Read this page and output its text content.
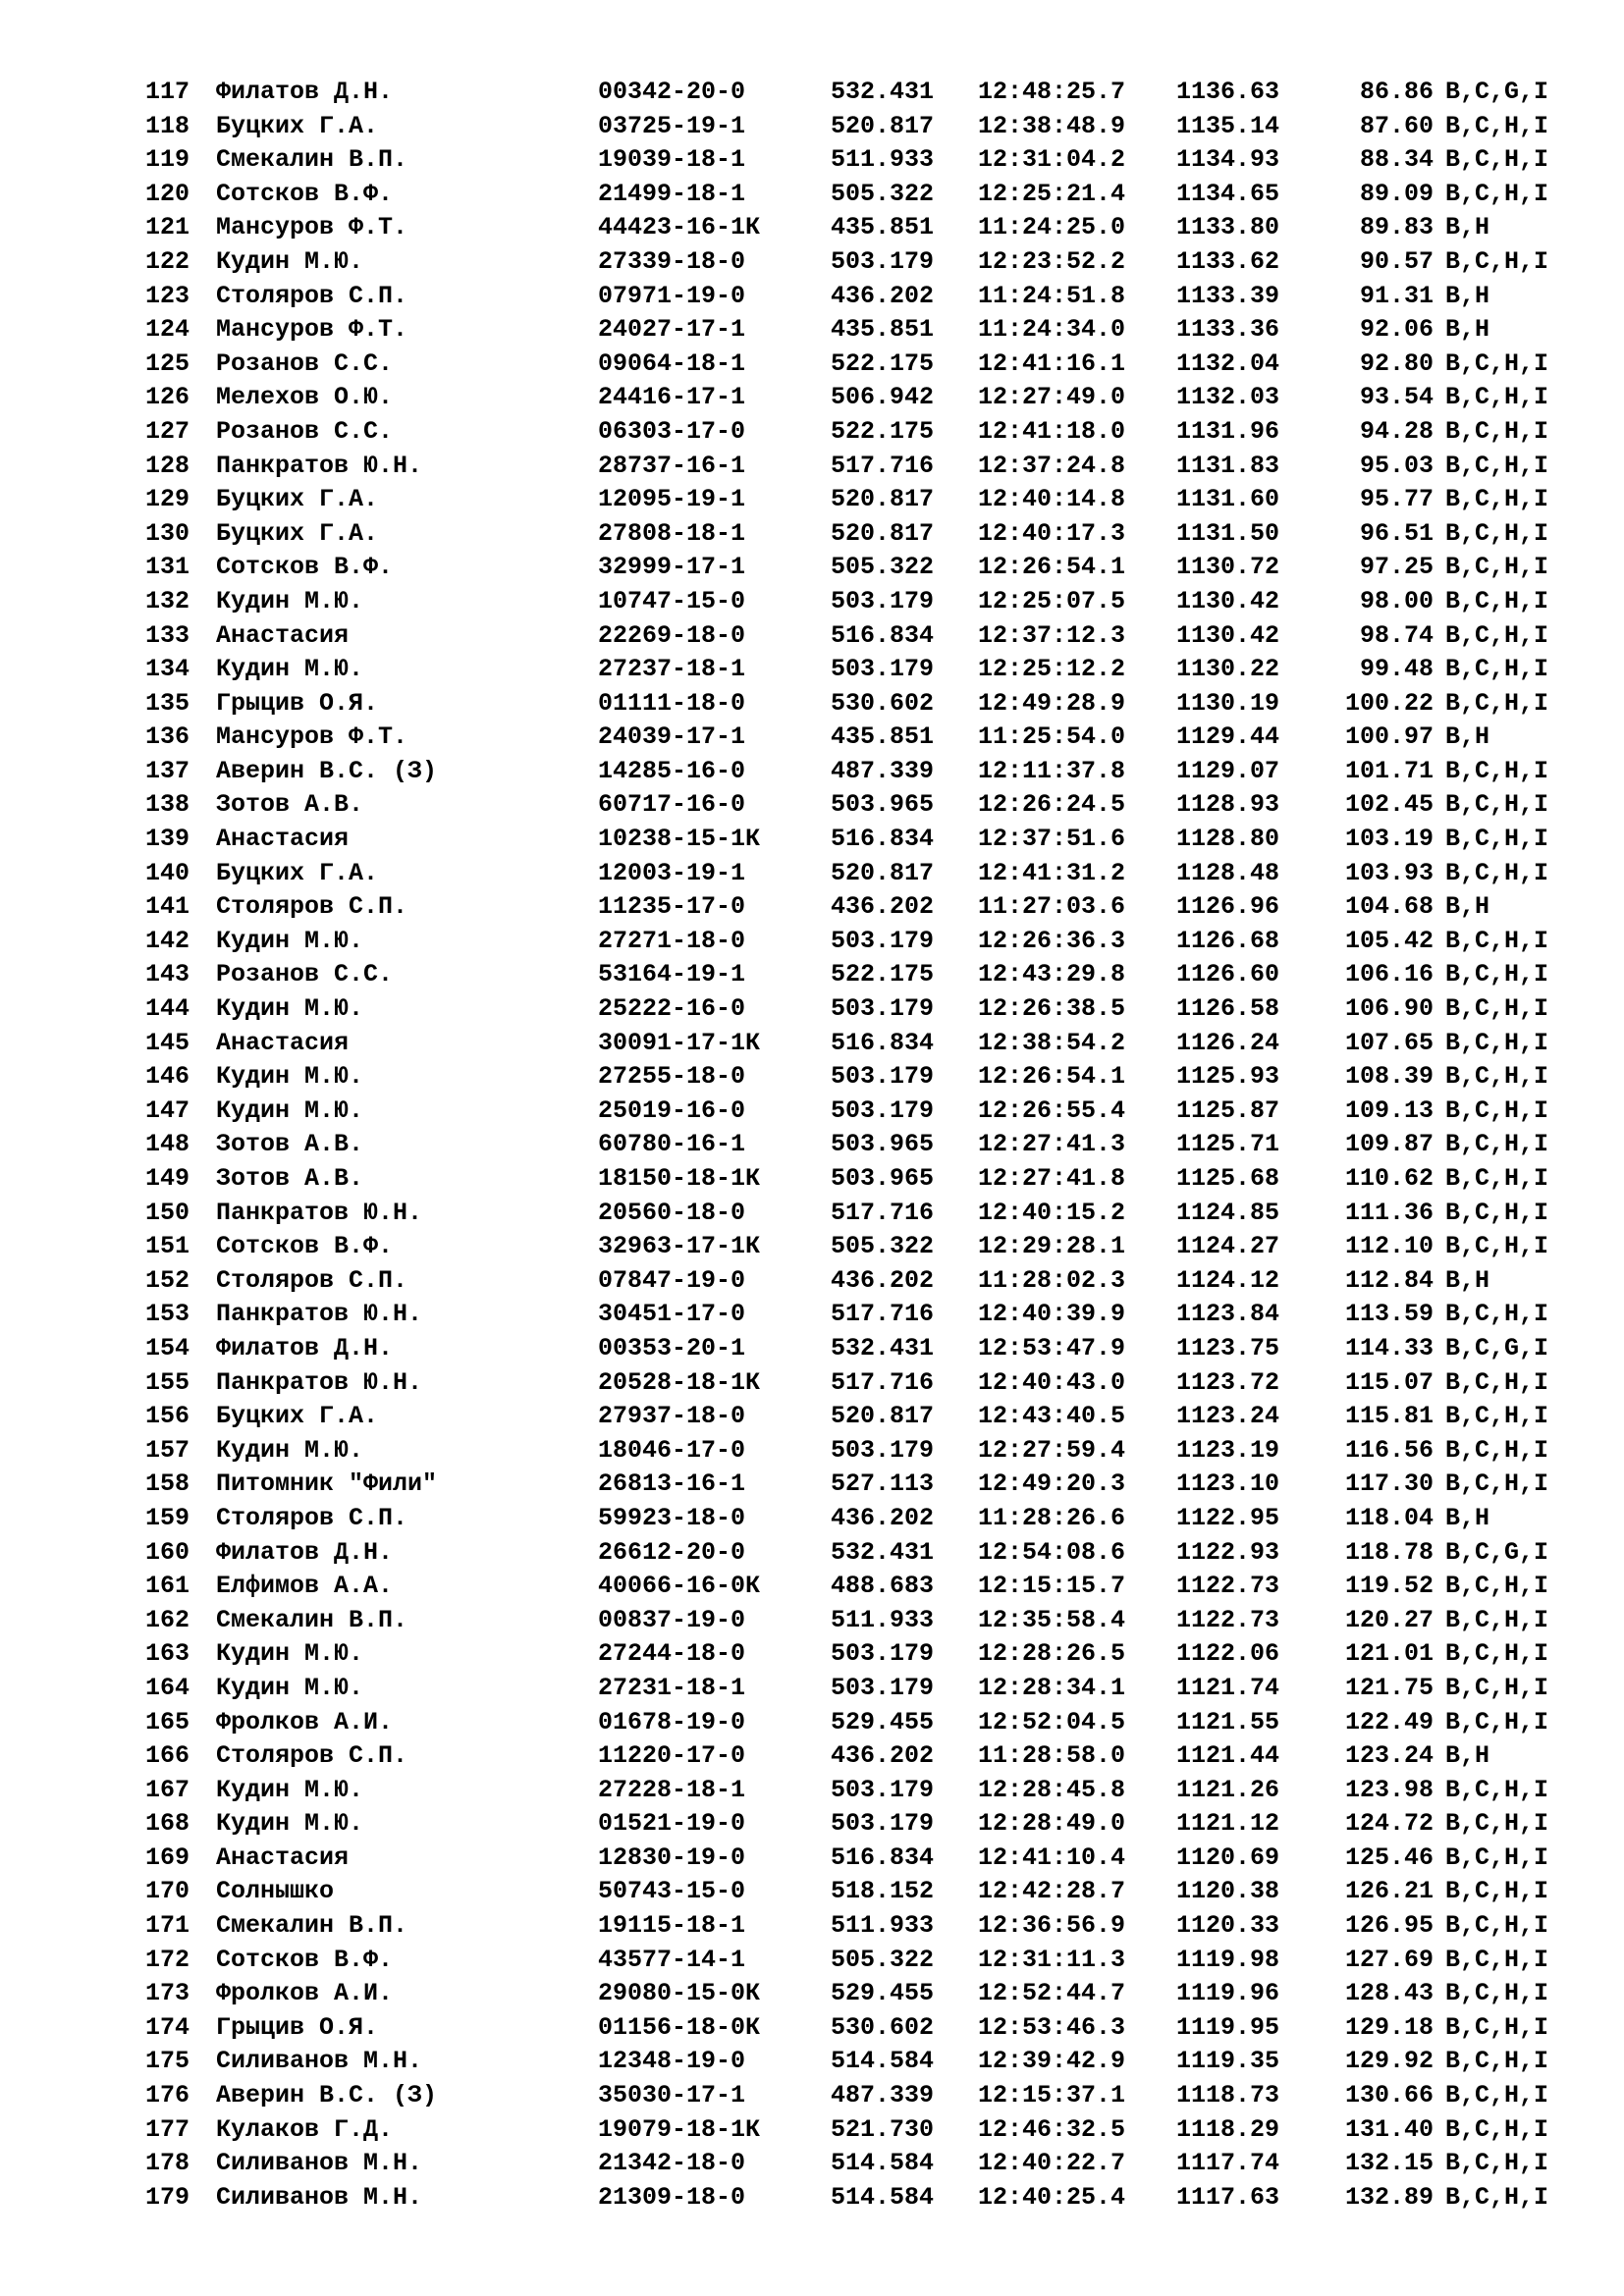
117 Филатов Д.Н.	00342-20-0	532.431 12:48:25.7 1136.63	86.86 B,C,G,I
118 Буцких Г.А.	03725-19-1	520.817 12:38:48.9 1135.14	87.60 B,C,H,I
119 Смекалин В.П.	19039-18-1	511.933 12:31:04.2 1134.93	88.34 B,C,H,I
120 Сотсков В.Ф.	21499-18-1	505.322 12:25:21.4 1134.65	89.09 B,C,H,I
121 Мансуров Ф.Т.	44423-16-1К	435.851 11:24:25.0 1133.80	89.83 B,H
122 Кудин М.Ю.	27339-18-0	503.179 12:23:52.2 1133.62	90.57 B,C,H,I
123 Столяров С.П.	07971-19-0	436.202 11:24:51.8 1133.39	91.31 B,H
124 Мансуров Ф.Т.	24027-17-1	435.851 11:24:34.0 1133.36	92.06 B,H
125 Розанов С.С.	09064-18-1	522.175 12:41:16.1 1132.04	92.80 B,C,H,I
126 Мелехов О.Ю.	24416-17-1	506.942 12:27:49.0 1132.03	93.54 B,C,H,I
127 Розанов С.С.	06303-17-0	522.175 12:41:18.0 1131.96	94.28 B,C,H,I
128 Панкратов Ю.Н.	28737-16-1	517.716 12:37:24.8 1131.83	95.03 B,C,H,I
129 Буцких Г.А.	12095-19-1	520.817 12:40:14.8 1131.60	95.77 B,C,H,I
130 Буцких Г.А.	27808-18-1	520.817 12:40:17.3 1131.50	96.51 B,C,H,I
131 Сотсков В.Ф.	32999-17-1	505.322 12:26:54.1 1130.72	97.25 B,C,H,I
132 Кудин М.Ю.	10747-15-0	503.179 12:25:07.5 1130.42	98.00 B,C,H,I
133 Анастасия	22269-18-0	516.834 12:37:12.3 1130.42	98.74 B,C,H,I
134 Кудин М.Ю.	27237-18-1	503.179 12:25:12.2 1130.22	99.48 B,C,H,I
135 Грыцив О.Я.	01111-18-0	530.602 12:49:28.9 1130.19	100.22 B,C,H,I
136 Мансуров Ф.Т.	24039-17-1	435.851 11:25:54.0 1129.44	100.97 B,H
137 Аверин В.С. (З)	14285-16-0	487.339 12:11:37.8 1129.07	101.71 B,C,H,I
138 Зотов А.В.	60717-16-0	503.965 12:26:24.5 1128.93	102.45 B,C,H,I
139 Анастасия	10238-15-1К	516.834 12:37:51.6 1128.80	103.19 B,C,H,I
140 Буцких Г.А.	12003-19-1	520.817 12:41:31.2 1128.48	103.93 B,C,H,I
141 Столяров С.П.	11235-17-0	436.202 11:27:03.6 1126.96	104.68 B,H
142 Кудин М.Ю.	27271-18-0	503.179 12:26:36.3 1126.68	105.42 B,C,H,I
143 Розанов С.С.	53164-19-1	522.175 12:43:29.8 1126.60	106.16 B,C,H,I
144 Кудин М.Ю.	25222-16-0	503.179 12:26:38.5 1126.58	106.90 B,C,H,I
145 Анастасия	30091-17-1К	516.834 12:38:54.2 1126.24	107.65 B,C,H,I
146 Кудин М.Ю.	27255-18-0	503.179 12:26:54.1 1125.93	108.39 B,C,H,I
147 Кудин М.Ю.	25019-16-0	503.179 12:26:55.4 1125.87	109.13 B,C,H,I
148 Зотов А.В.	60780-16-1	503.965 12:27:41.3 1125.71	109.87 B,C,H,I
149 Зотов А.В.	18150-18-1К	503.965 12:27:41.8 1125.68	110.62 B,C,H,I
150 Панкратов Ю.Н.	20560-18-0	517.716 12:40:15.2 1124.85	111.36 B,C,H,I
151 Сотсков В.Ф.	32963-17-1К	505.322 12:29:28.1 1124.27	112.10 B,C,H,I
152 Столяров С.П.	07847-19-0	436.202 11:28:02.3 1124.12	112.84 B,H
153 Панкратов Ю.Н.	30451-17-0	517.716 12:40:39.9 1123.84	113.59 B,C,H,I
154 Филатов Д.Н.	00353-20-1	532.431 12:53:47.9 1123.75	114.33 B,C,G,I
155 Панкратов Ю.Н.	20528-18-1К	517.716 12:40:43.0 1123.72	115.07 B,C,H,I
156 Буцких Г.А.	27937-18-0	520.817 12:43:40.5 1123.24	115.81 B,C,H,I
157 Кудин М.Ю.	18046-17-0	503.179 12:27:59.4 1123.19	116.56 B,C,H,I
158 Питомник "Фили"	26813-16-1	527.113 12:49:20.3 1123.10	117.30 B,C,H,I
159 Столяров С.П.	59923-18-0	436.202 11:28:26.6 1122.95	118.04 B,H
160 Филатов Д.Н.	26612-20-0	532.431 12:54:08.6 1122.93	118.78 B,C,G,I
161 Елфимов А.А.	40066-16-0К	488.683 12:15:15.7 1122.73	119.52 B,C,H,I
162 Смекалин В.П.	00837-19-0	511.933 12:35:58.4 1122.73	120.27 B,C,H,I
163 Кудин М.Ю.	27244-18-0	503.179 12:28:26.5 1122.06	121.01 B,C,H,I
164 Кудин М.Ю.	27231-18-1	503.179 12:28:34.1 1121.74	121.75 B,C,H,I
165 Фролков А.И.	01678-19-0	529.455 12:52:04.5 1121.55	122.49 B,C,H,I
166 Столяров С.П.	11220-17-0	436.202 11:28:58.0 1121.44	123.24 B,H
167 Кудин М.Ю.	27228-18-1	503.179 12:28:45.8 1121.26	123.98 B,C,H,I
168 Кудин М.Ю.	01521-19-0	503.179 12:28:49.0 1121.12	124.72 B,C,H,I
169 Анастасия	12830-19-0	516.834 12:41:10.4 1120.69	125.46 B,C,H,I
170 Солнышко	50743-15-0	518.152 12:42:28.7 1120.38	126.21 B,C,H,I
171 Смекалин В.П.	19115-18-1	511.933 12:36:56.9 1120.33	126.95 B,C,H,I
172 Сотсков В.Ф.	43577-14-1	505.322 12:31:11.3 1119.98	127.69 B,C,H,I
173 Фролков А.И.	29080-15-0К	529.455 12:52:44.7 1119.96	128.43 B,C,H,I
174 Грыцив О.Я.	01156-18-0К	530.602 12:53:46.3 1119.95	129.18 B,C,H,I
175 Силиванов М.Н.	12348-19-0	514.584 12:39:42.9 1119.35	129.92 B,C,H,I
176 Аверин В.С. (З)	35030-17-1	487.339 12:15:37.1 1118.73	130.66 B,C,H,I
177 Кулаков Г.Д.	19079-18-1К	521.730 12:46:32.5 1118.29	131.40 B,C,H,I
178 Силиванов М.Н.	21342-18-0	514.584 12:40:22.7 1117.74	132.15 B,C,H,I
179 Силиванов М.Н.	21309-18-0	514.584 12:40:25.4 1117.63	132.89 B,C,H,I
